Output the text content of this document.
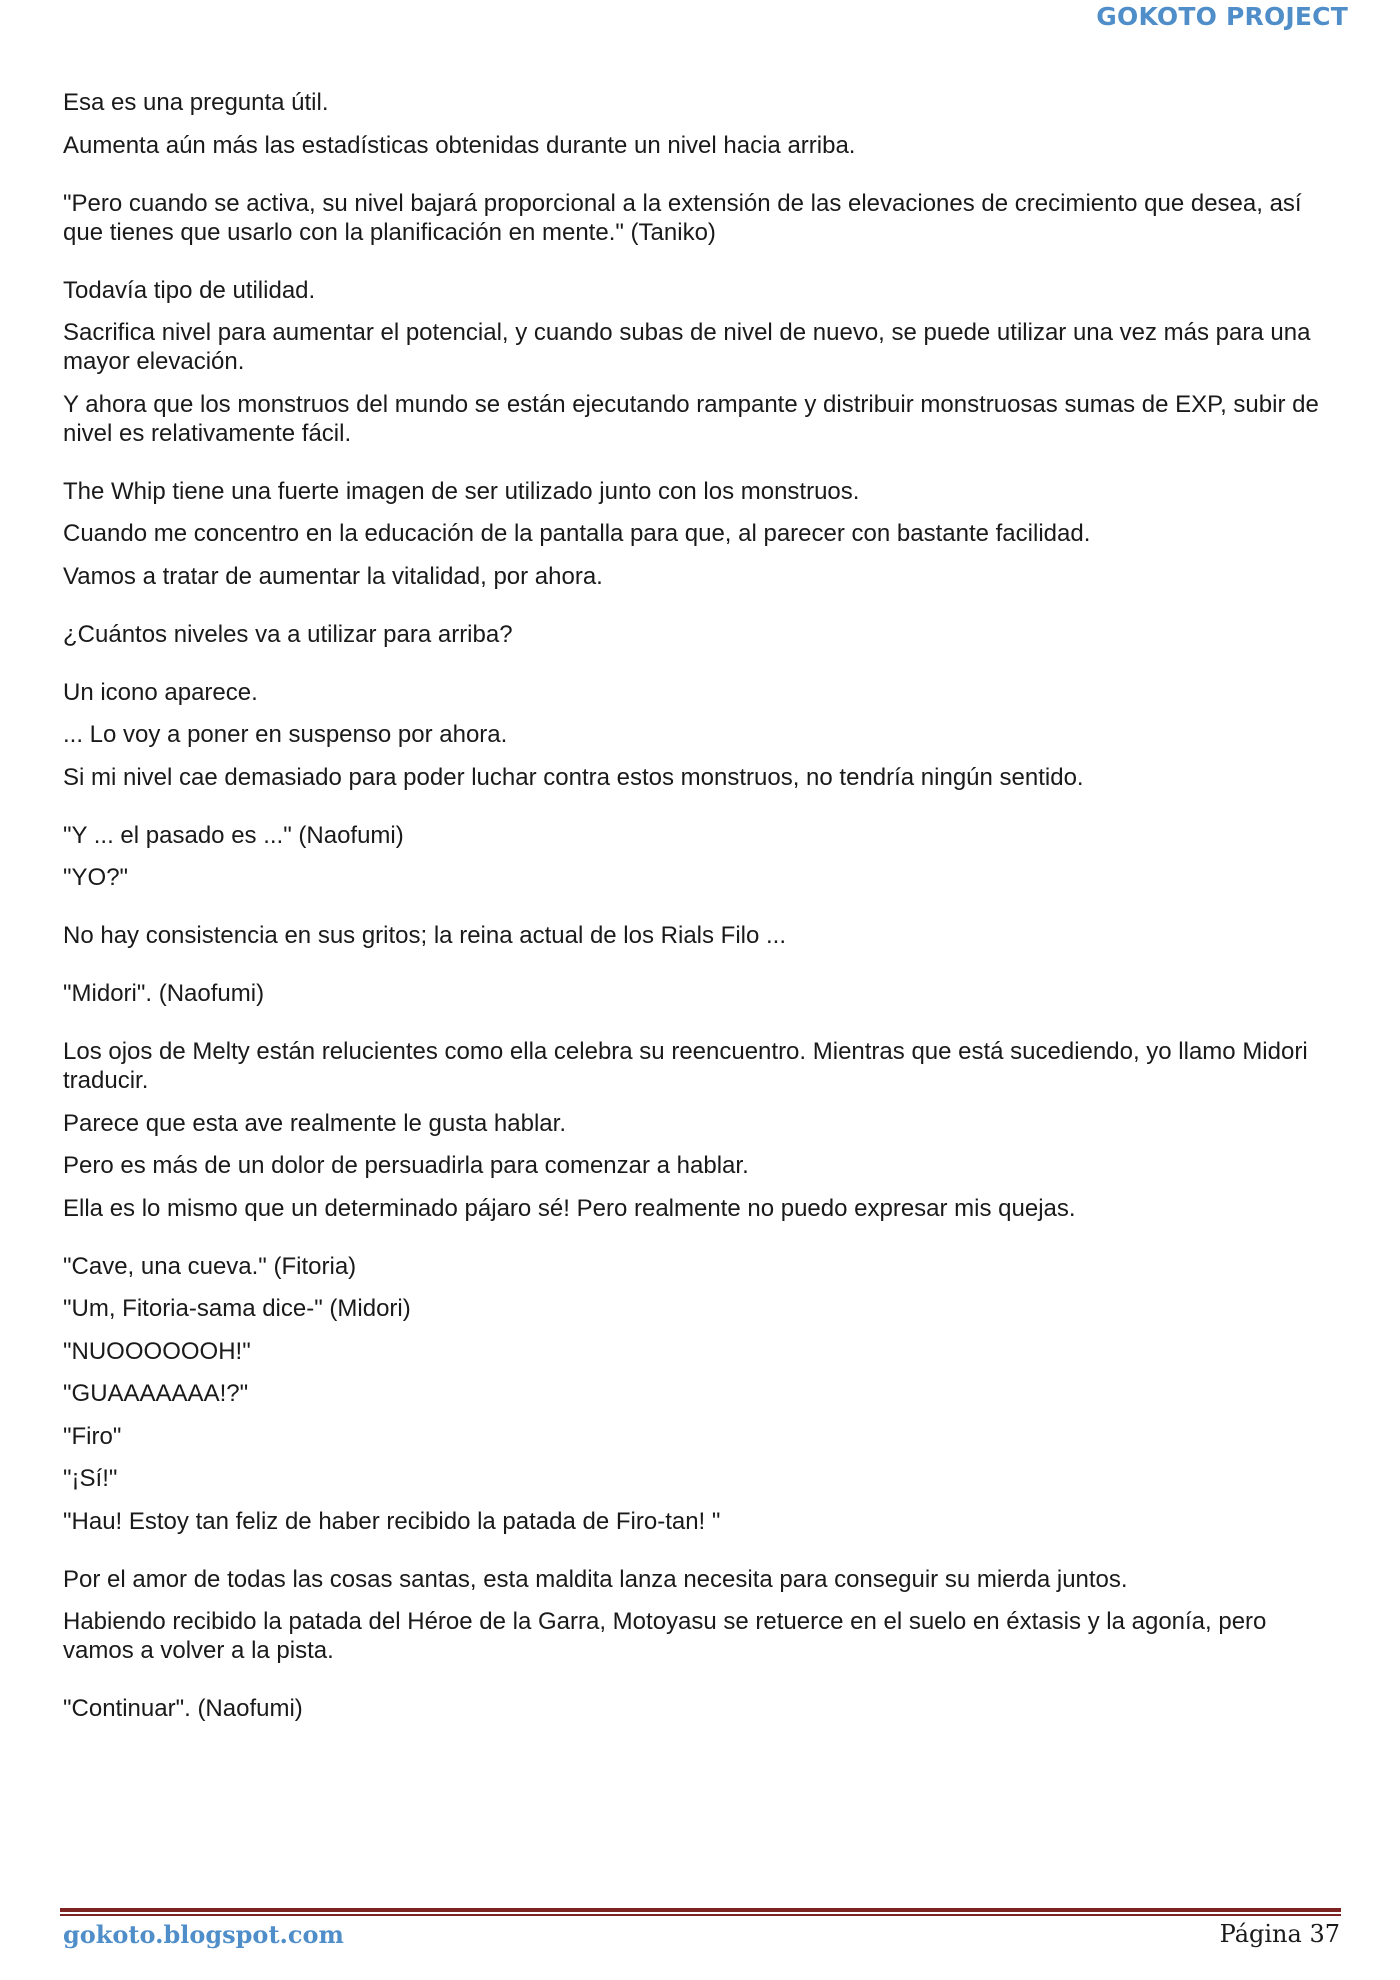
GOKOTO PROJECT

Esa es una pregunta útil.

Aumenta aún más las estadísticas obtenidas durante un nivel hacia arriba.

"Pero cuando se activa, su nivel bajará proporcional a la extensión de las elevaciones de crecimiento que desea, así que tienes que usarlo con la planificación en mente." (Taniko)

Todavía tipo de utilidad.

Sacrifica nivel para aumentar el potencial, y cuando subas de nivel de nuevo, se puede utilizar una vez más para una mayor elevación.

Y ahora que los monstruos del mundo se están ejecutando rampante y distribuir monstruosas sumas de EXP, subir de nivel es relativamente fácil.

The Whip tiene una fuerte imagen de ser utilizado junto con los monstruos.

Cuando me concentro en la educación de la pantalla para que, al parecer con bastante facilidad.

Vamos a tratar de aumentar la vitalidad, por ahora.

¿Cuántos niveles va a utilizar para arriba?

Un icono aparece.

... Lo voy a poner en suspenso por ahora.

Si mi nivel cae demasiado para poder luchar contra estos monstruos, no tendría ningún sentido.

"Y ... el pasado es ..." (Naofumi)

"YO?"

No hay consistencia en sus gritos; la reina actual de los Rials Filo ...

"Midori". (Naofumi)

Los ojos de Melty están relucientes como ella celebra su reencuentro. Mientras que está sucediendo, yo llamo Midori traducir.

Parece que esta ave realmente le gusta hablar.

Pero es más de un dolor de persuadirla para comenzar a hablar.

Ella es lo mismo que un determinado pájaro sé! Pero realmente no puedo expresar mis quejas.

"Cave, una cueva." (Fitoria)

"Um, Fitoria-sama dice-" (Midori)

"NUOOOOOOH!"

"GUAAAAAAA!?"

"Firo"

"¡Sí!"

"Hau! Estoy tan feliz de haber recibido la patada de Firo-tan! "

Por el amor de todas las cosas santas, esta maldita lanza necesita para conseguir su mierda juntos.

Habiendo recibido la patada del Héroe de la Garra, Motoyasu se retuerce en el suelo en éxtasis y la agonía, pero vamos a volver a la pista.

"Continuar". (Naofumi)

gokoto.blogspot.com	Página 37
